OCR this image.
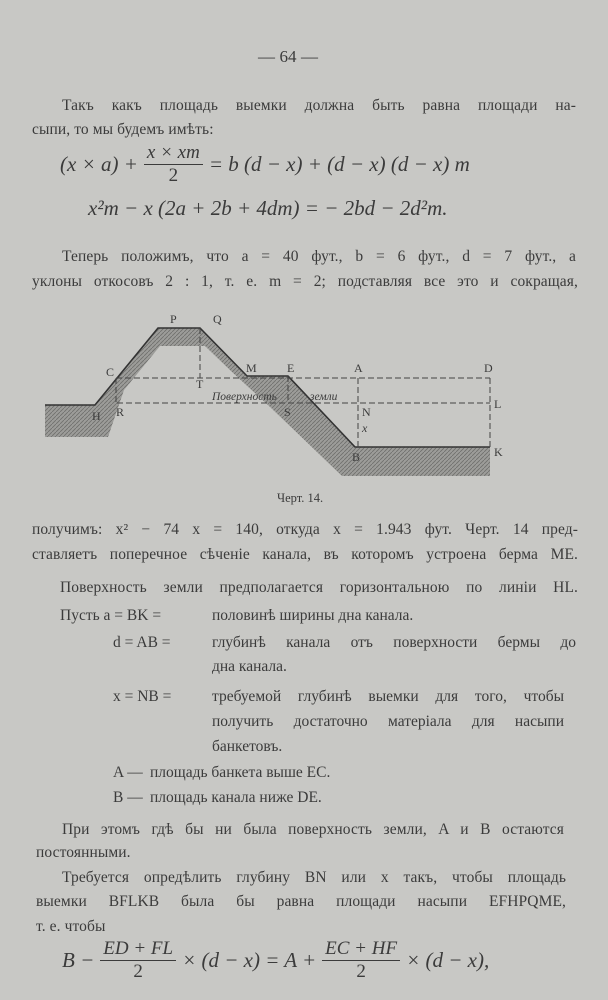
— 64 —
Такъ какъ площадь выемки должна быть равна площади на-
сыпи, то мы будемъ имѣть:
$(x \times a) + \frac{x \times xm}{2} = b$ (d − x) + (d − x) (d − x) m
x²m − x (2a + 2b + 4dm) = − 2bd − 2d²m.
Теперь положимъ, что a = 40 фут., b = 6 фут., d = 7 фут., а
уклоны откосовъ 2 : 1, т. е. m = 2; подставляя все это и сокращая,
P	Q
C
T
M	E	A	D
H R	S	N
L
x
B	K
Поверхность	земли
Черт. 14.
получимъ: x² − 74 x = 140, откуда x = 1.943 фут. Черт. 14 пред-
ставляетъ поперечное сѣченіе канала, въ которомъ устроена берма ME.
Поверхность земли предполагается горизонтальною по линіи HL.
Пусть a = BK =	половинѣ ширины дна канала.
d = AB =	глубинѣ канала отъ поверхности бермы до
дна канала.
x = NB =	требуемой глубинѣ выемки для того, чтобы
получить достаточно матеріала для насыпи
банкетовъ.
A — площадь банкета выше EC.
B — площадь канала ниже DE.
При этомъ гдѣ бы ни была поверхность земли, A и B остаются
постоянными.
Требуется опредѣлить глубину BN или x такъ, чтобы площадь
выемки BFLKB была бы равна площади насыпи EFHPQME,
т. е. чтобы
$B - \frac{ED + FL}{2} \times (d - x) = A + \frac{EC + HF}{2} \times (d - x)$,
